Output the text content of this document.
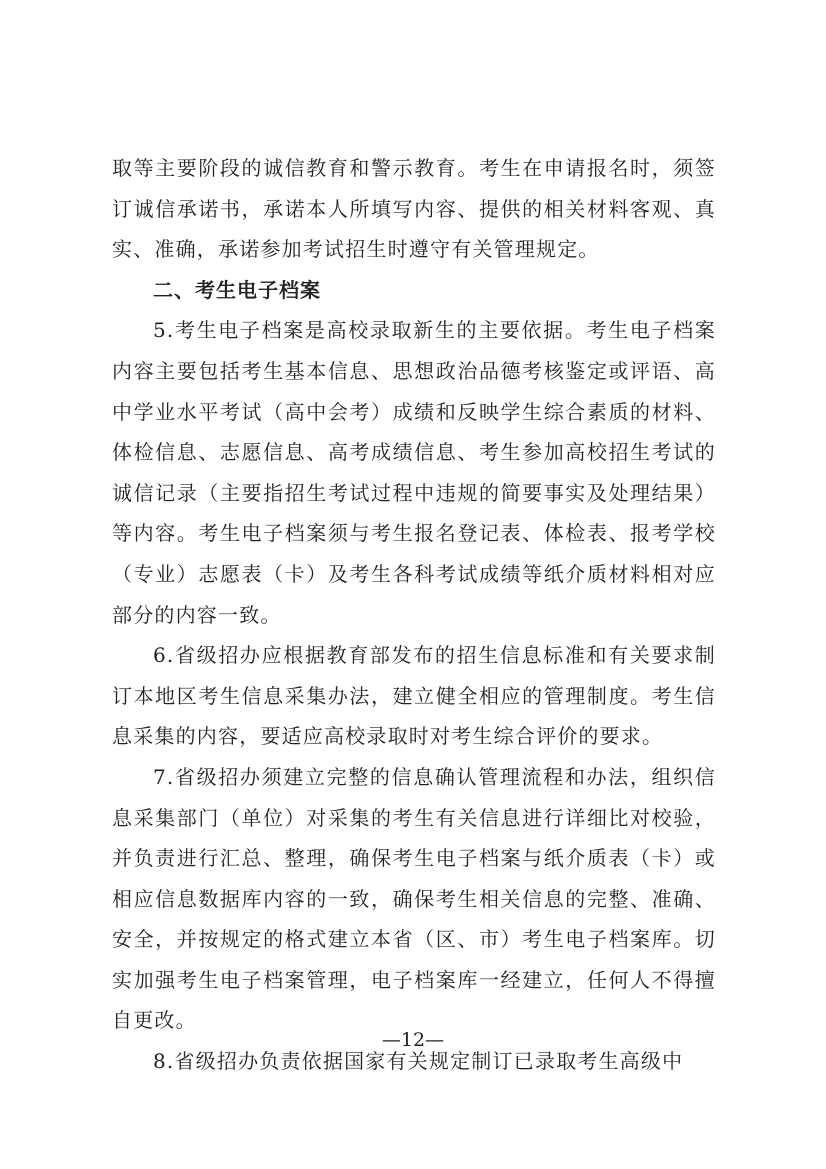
取等主要阶段的诚信教育和警示教育。考生在申请报名时，须签订诚信承诺书，承诺本人所填写内容、提供的相关材料客观、真实、准确，承诺参加考试招生时遵守有关管理规定。

二、考生电子档案

5.考生电子档案是高校录取新生的主要依据。考生电子档案内容主要包括考生基本信息、思想政治品德考核鉴定或评语、高中学业水平考试（高中会考）成绩和反映学生综合素质的材料、体检信息、志愿信息、高考成绩信息、考生参加高校招生考试的诚信记录（主要指招生考试过程中违规的简要事实及处理结果）等内容。考生电子档案须与考生报名登记表、体检表、报考学校（专业）志愿表（卡）及考生各科考试成绩等纸介质材料相对应部分的内容一致。

6.省级招办应根据教育部发布的招生信息标准和有关要求制订本地区考生信息采集办法，建立健全相应的管理制度。考生信息采集的内容，要适应高校录取时对考生综合评价的要求。

7.省级招办须建立完整的信息确认管理流程和办法，组织信息采集部门（单位）对采集的考生有关信息进行详细比对校验，并负责进行汇总、整理，确保考生电子档案与纸介质表（卡）或相应信息数据库内容的一致，确保考生相关信息的完整、准确、安全，并按规定的格式建立本省（区、市）考生电子档案库。切实加强考生电子档案管理，电子档案库一经建立，任何人不得擅自更改。

8.省级招办负责依据国家有关规定制订已录取考生高级中

—12—
